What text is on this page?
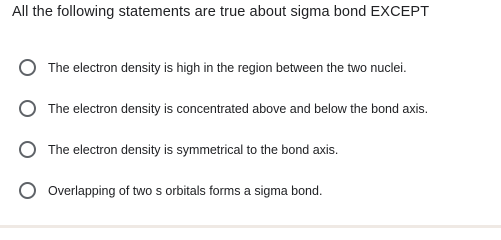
All the following statements are true about sigma bond EXCEPT
The electron density is high in the region between the two nuclei.
The electron density is concentrated above and below the bond axis.
The electron density is symmetrical to the bond axis.
Overlapping of two s orbitals forms a sigma bond.
